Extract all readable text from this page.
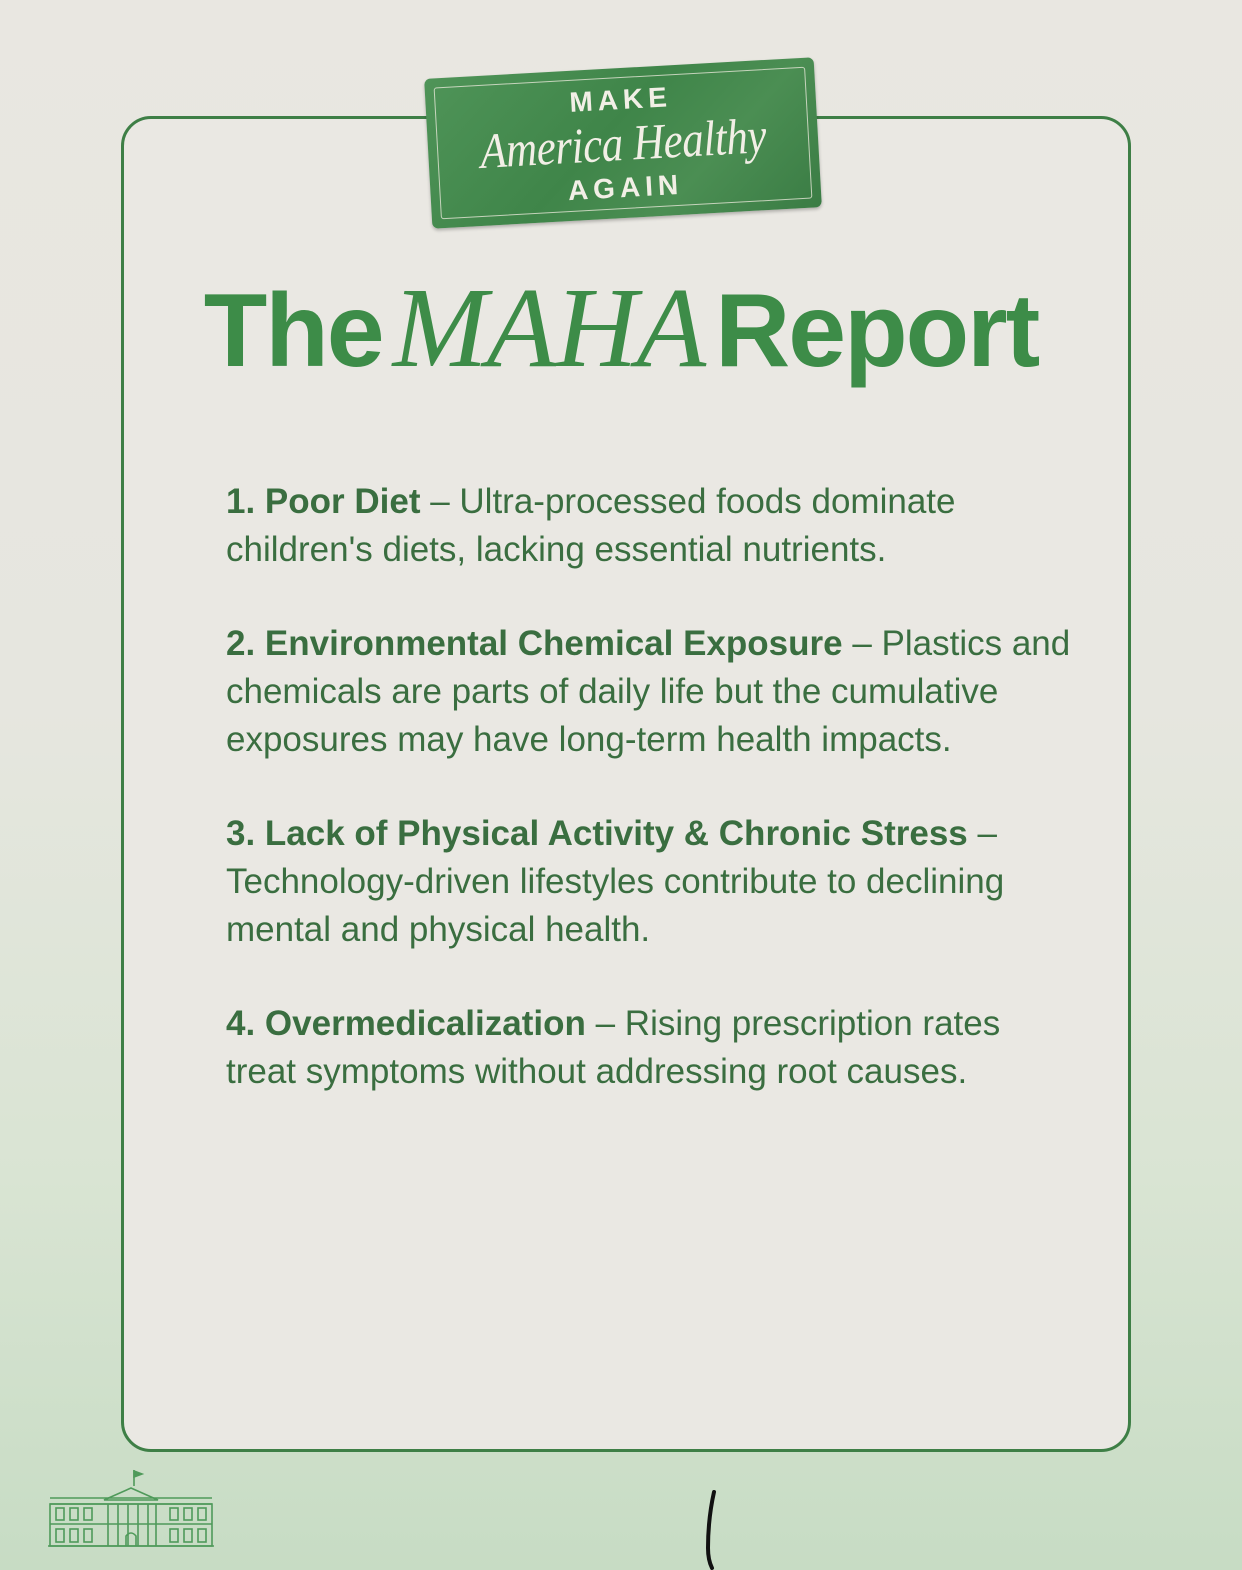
MAKE
America Healthy
AGAIN
TheMAHAReport

1. Poor Diet – Ultra-processed foods dominate children's diets, lacking essential nutrients.

2. Environmental Chemical Exposure – Plastics and chemicals are parts of daily life but the cumulative exposures may have long-term health impacts.

3. Lack of Physical Activity & Chronic Stress – Technology-driven lifestyles contribute to declining mental and physical health.

4. Overmedicalization – Rising prescription rates treat symptoms without addressing root causes.
